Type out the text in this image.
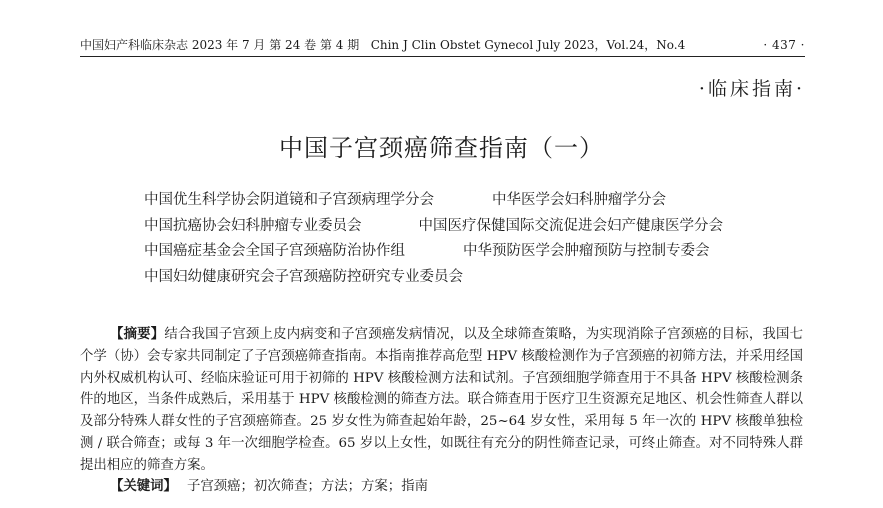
中国妇产科临床杂志 2023 年 7 月 第 24 卷 第 4 期 Chin J Clin Obstet Gynecol July 2023，Vol.24，No.4	· 437 ·
·临床指南·
中国子宫颈癌筛查指南（一）
中国优生科学协会阴道镜和子宫颈病理学分会	中华医学会妇科肿瘤学分会
中国抗癌协会妇科肿瘤专业委员会	中国医疗保健国际交流促进会妇产健康医学分会
中国癌症基金会全国子宫颈癌防治协作组	中华预防医学会肿瘤预防与控制专委会
中国妇幼健康研究会子宫颈癌防控研究专业委员会

【摘要】结合我国子宫颈上皮内病变和子宫颈癌发病情况，以及全球筛查策略，为实现消除子宫颈癌的目标，我国七个学（协）会专家共同制定了子宫颈癌筛查指南。本指南推荐高危型 HPV 核酸检测作为子宫颈癌的初筛方法，并采用经国内外权威机构认可、经临床验证可用于初筛的 HPV 核酸检测方法和试剂。子宫颈细胞学筛查用于不具备 HPV 核酸检测条件的地区，当条件成熟后，采用基于 HPV 核酸检测的筛查方法。联合筛查用于医疗卫生资源充足地区、机会性筛查人群以及部分特殊人群女性的子宫颈癌筛查。25 岁女性为筛查起始年龄，25~64 岁女性，采用每 5 年一次的 HPV 核酸单独检测 / 联合筛查；或每 3 年一次细胞学检查。65 岁以上女性，如既往有充分的阴性筛查记录，可终止筛查。对不同特殊人群提出相应的筛查方案。

【关键词】 子宫颈癌；初次筛查；方法；方案；指南
